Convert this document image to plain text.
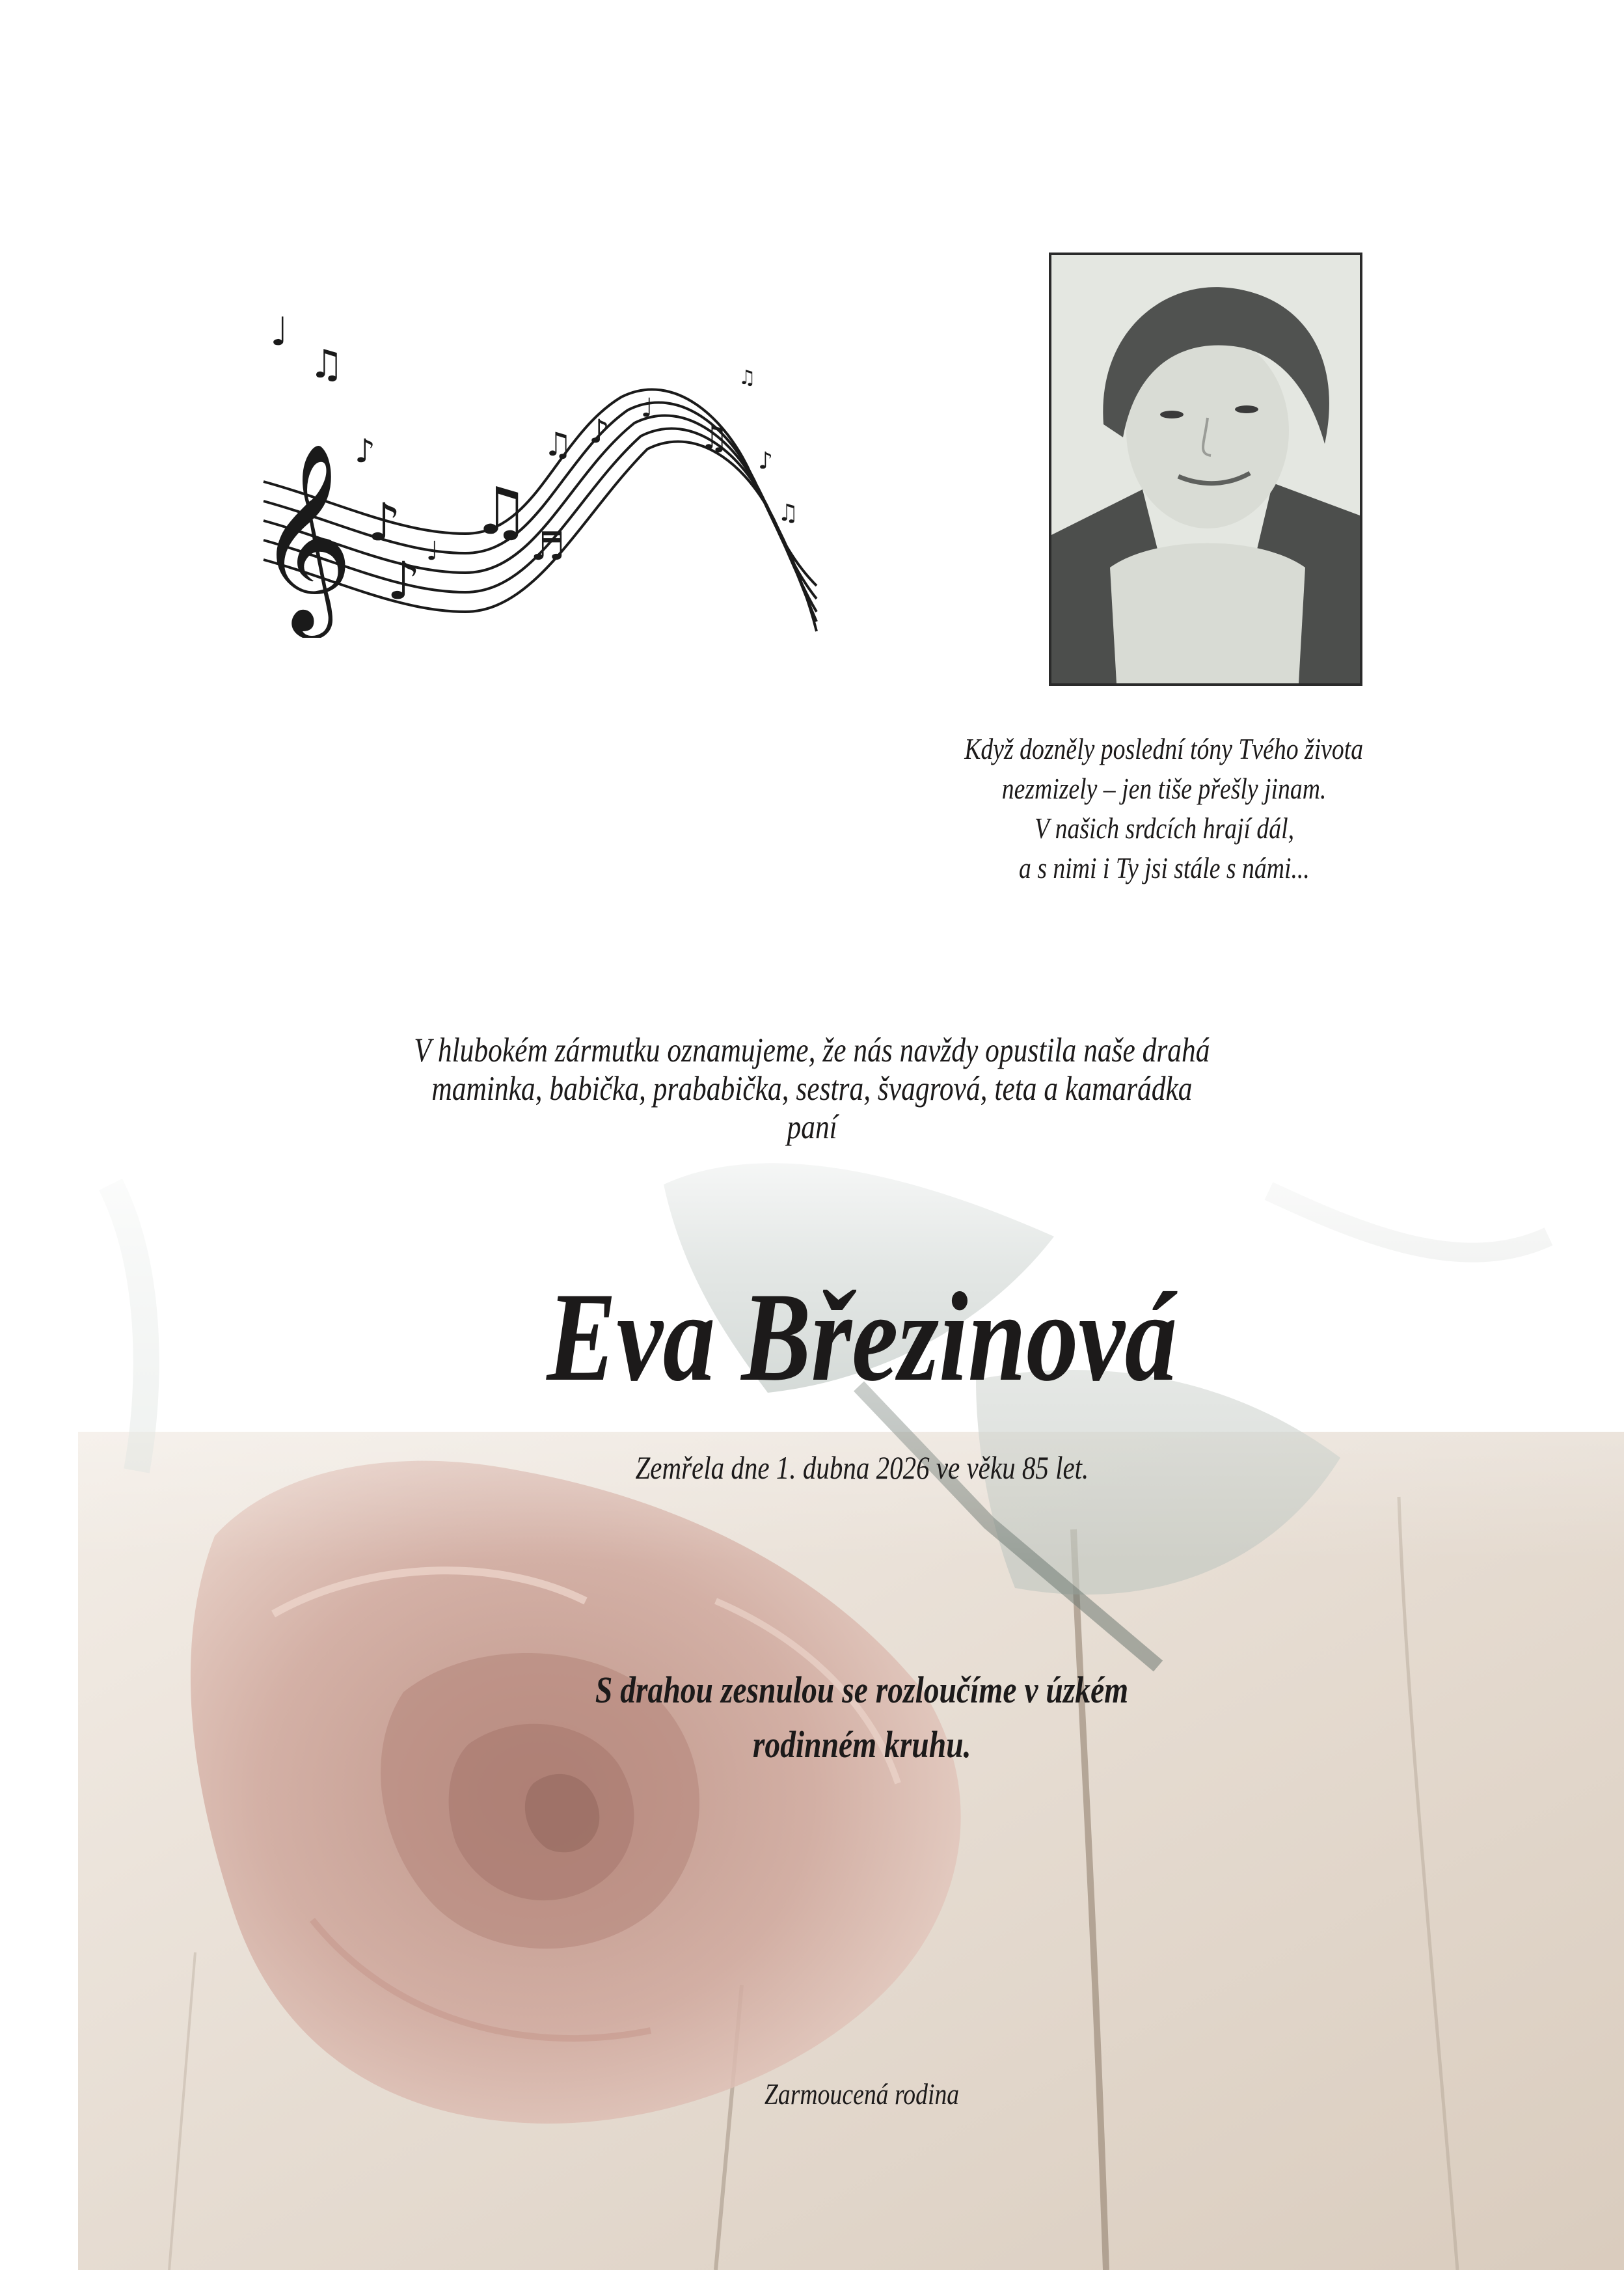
𝄞
♩
♫
♪
♪
♪ ♩
♫ ♬
♫ ♪
♩
♫
♫
♪
♫
Když dozněly poslední tóny Tvého života
nezmizely – jen tiše přešly jinam.
V našich srdcích hrají dál,
a s nimi i Ty jsi stále s námi...
V hlubokém zármutku oznamujeme, že nás navždy opustila naše drahá
maminka, babička, prababička, sestra, švagrová, teta a kamarádka
paní
Eva Březinová
Zemřela dne 1. dubna 2026 ve věku 85 let.
S drahou zesnulou se rozloučíme v úzkém
rodinném kruhu.
Zarmoucená rodina
